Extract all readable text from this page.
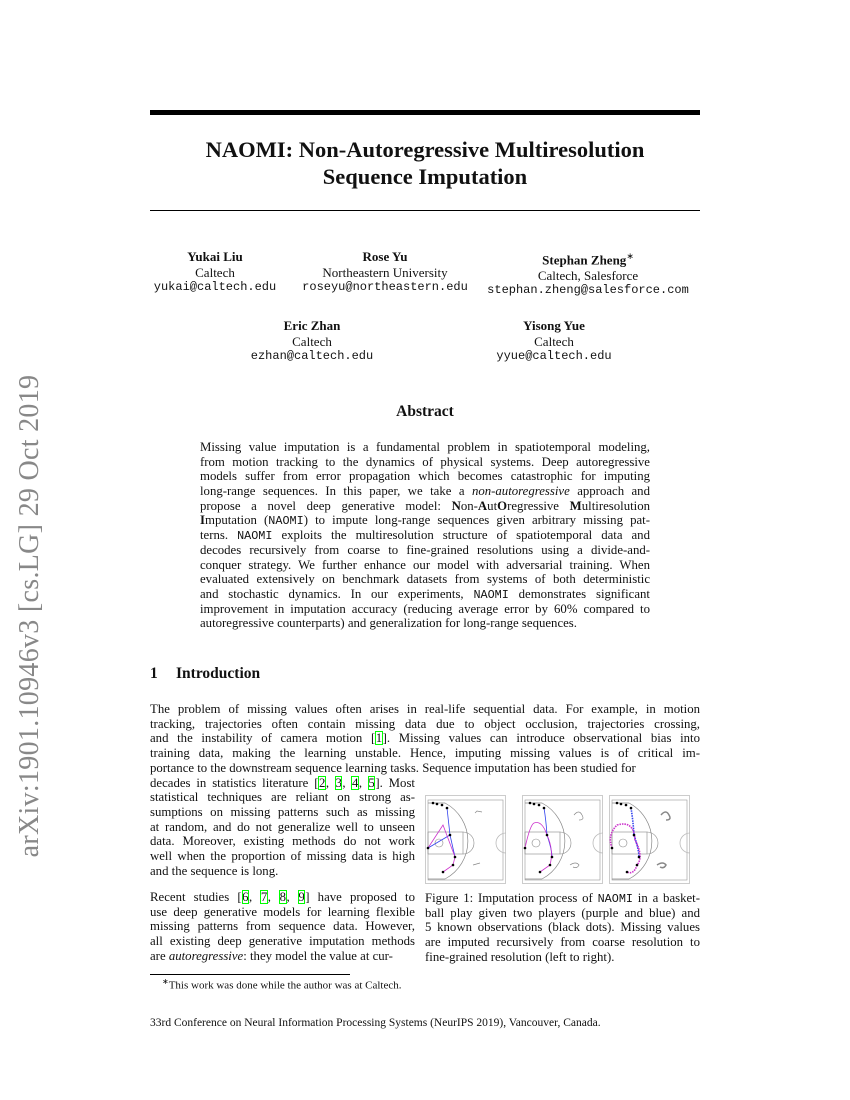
arXiv:1901.10946v3 [cs.LG] 29 Oct 2019
NAOMI: Non-Autoregressive Multiresolution
Sequence Imputation
Yukai Liu
Caltech
yukai@caltech.edu
Rose Yu
Northeastern University
roseyu@northeastern.edu
Stephan Zheng∗
Caltech, Salesforce
stephan.zheng@salesforce.com
Eric Zhan
Caltech
ezhan@caltech.edu
Yisong Yue
Caltech
yyue@caltech.edu
Abstract
Missing value imputation is a fundamental problem in spatiotemporal modeling,
from motion tracking to the dynamics of physical systems. Deep autoregressive
models suffer from error propagation which becomes catastrophic for imputing
long-range sequences. In this paper, we take a non-autoregressive approach and
propose a novel deep generative model: Non-AutOregressive Multiresolution
Imputation (NAOMI) to impute long-range sequences given arbitrary missing pat-
terns. NAOMI exploits the multiresolution structure of spatiotemporal data and
decodes recursively from coarse to fine-grained resolutions using a divide-and-
conquer strategy. We further enhance our model with adversarial training. When
evaluated extensively on benchmark datasets from systems of both deterministic
and stochastic dynamics. In our experiments, NAOMI demonstrates significant
improvement in imputation accuracy (reducing average error by 60% compared to
autoregressive counterparts) and generalization for long-range sequences.
1 Introduction
The problem of missing values often arises in real-life sequential data. For example, in motion
tracking, trajectories often contain missing data due to object occlusion, trajectories crossing,
and the instability of camera motion [1]. Missing values can introduce observational bias into
training data, making the learning unstable. Hence, imputing missing values is of critical im-
portance to the downstream sequence learning tasks. Sequence imputation has been studied for
decades in statistics literature [2, 3, 4, 5]. Most
statistical techniques are reliant on strong as-
sumptions on missing patterns such as missing
at random, and do not generalize well to unseen
data. Moreover, existing methods do not work
well when the proportion of missing data is high
and the sequence is long.
Recent studies [6, 7, 8, 9] have proposed to
use deep generative models for learning flexible
missing patterns from sequence data. However,
all existing deep generative imputation methods
are autoregressive: they model the value at cur-
Figure 1: Imputation process of NAOMI in a basket-
ball play given two players (purple and blue) and
5 known observations (black dots). Missing values
are imputed recursively from coarse resolution to
fine-grained resolution (left to right).
∗This work was done while the author was at Caltech.
33rd Conference on Neural Information Processing Systems (NeurIPS 2019), Vancouver, Canada.
